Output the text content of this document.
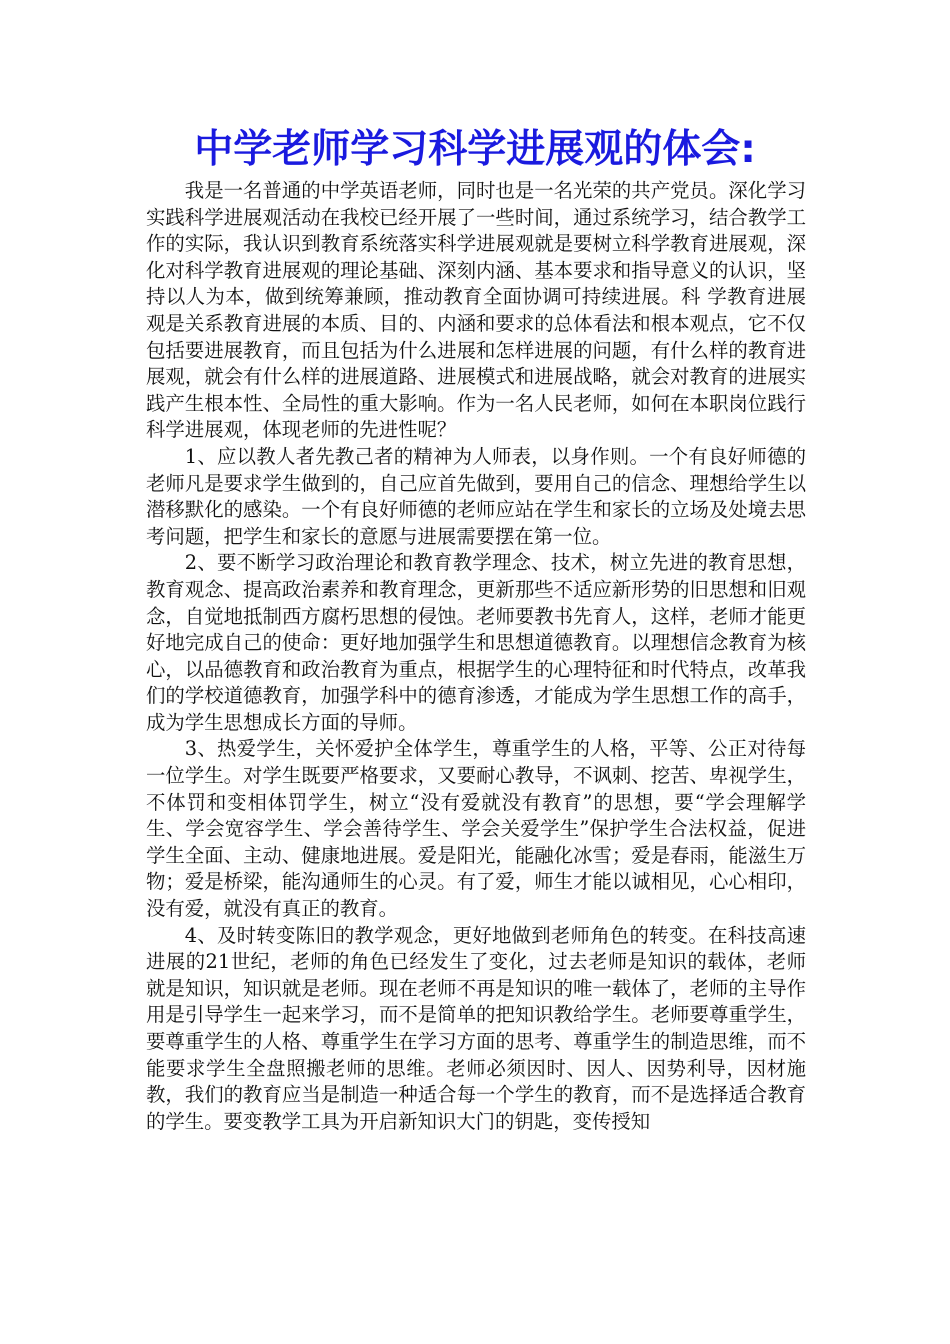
中学老师学习科学进展观的体会:

我是一名普通的中学英语老师，同时也是一名光荣的共产党员。深化学习实践科学进展观活动在我校已经开展了一些时间，通过系统学习，结合教学工作的实际，我认识到教育系统落实科学进展观就是要树立科学教育进展观，深化对科学教育进展观的理论基础、深刻内涵、基本要求和指导意义的认识，坚持以人为本，做到统筹兼顾，推动教育全面协调可持续进展。科 学教育进展观是关系教育进展的本质、目的、内涵和要求的总体看法和根本观点，它不仅包括要进展教育，而且包括为什么进展和怎样进展的问题，有什么样的教育进展观，就会有什么样的进展道路、进展模式和进展战略，就会对教育的进展实践产生根本性、全局性的重大影响。作为一名人民老师，如何在本职岗位践行科学进展观，体现老师的先进性呢？

1、应以教人者先教己者的精神为人师表，以身作则。一个有良好师德的老师凡是要求学生做到的，自己应首先做到，要用自己的信念、理想给学生以潜移默化的感染。一个有良好师德的老师应站在学生和家长的立场及处境去思考问题，把学生和家长的意愿与进展需要摆在第一位。

2、要不断学习政治理论和教育教学理念、技术，树立先进的教育思想，教育观念、提高政治素养和教育理念，更新那些不适应新形势的旧思想和旧观念，自觉地抵制西方腐朽思想的侵蚀。老师要教书先育人，这样，老师才能更好地完成自己的使命：更好地加强学生和思想道德教育。以理想信念教育为核心，以品德教育和政治教育为重点，根据学生的心理特征和时代特点，改革我们的学校道德教育，加强学科中的德育渗透，才能成为学生思想工作的高手，成为学生思想成长方面的导师。

3、热爱学生，关怀爱护全体学生，尊重学生的人格，平等、公正对待每一位学生。对学生既要严格要求，又要耐心教导，不讽刺、挖苦、卑视学生，不体罚和变相体罚学生，树立“没有爱就没有教育”的思想，要“学会理解学生、学会宽容学生、学会善待学生、学会关爱学生”保护学生合法权益，促进学生全面、主动、健康地进展。爱是阳光，能融化冰雪；爱是春雨，能滋生万物；爱是桥梁，能沟通师生的心灵。有了爱，师生才能以诚相见，心心相印，没有爱，就没有真正的教育。

4、及时转变陈旧的教学观念，更好地做到老师角色的转变。在科技高速进展的21世纪，老师的角色已经发生了变化，过去老师是知识的载体，老师就是知识，知识就是老师。现在老师不再是知识的唯一载体了，老师的主导作用是引导学生一起来学习，而不是简单的把知识教给学生。老师要尊重学生，要尊重学生的人格、尊重学生在学习方面的思考、尊重学生的制造思维，而不能要求学生全盘照搬老师的思维。老师必须因时、因人、因势利导，因材施教，我们的教育应当是制造一种适合每一个学生的教育，而不是选择适合教育的学生。要变教学工具为开启新知识大门的钥匙，变传授知
